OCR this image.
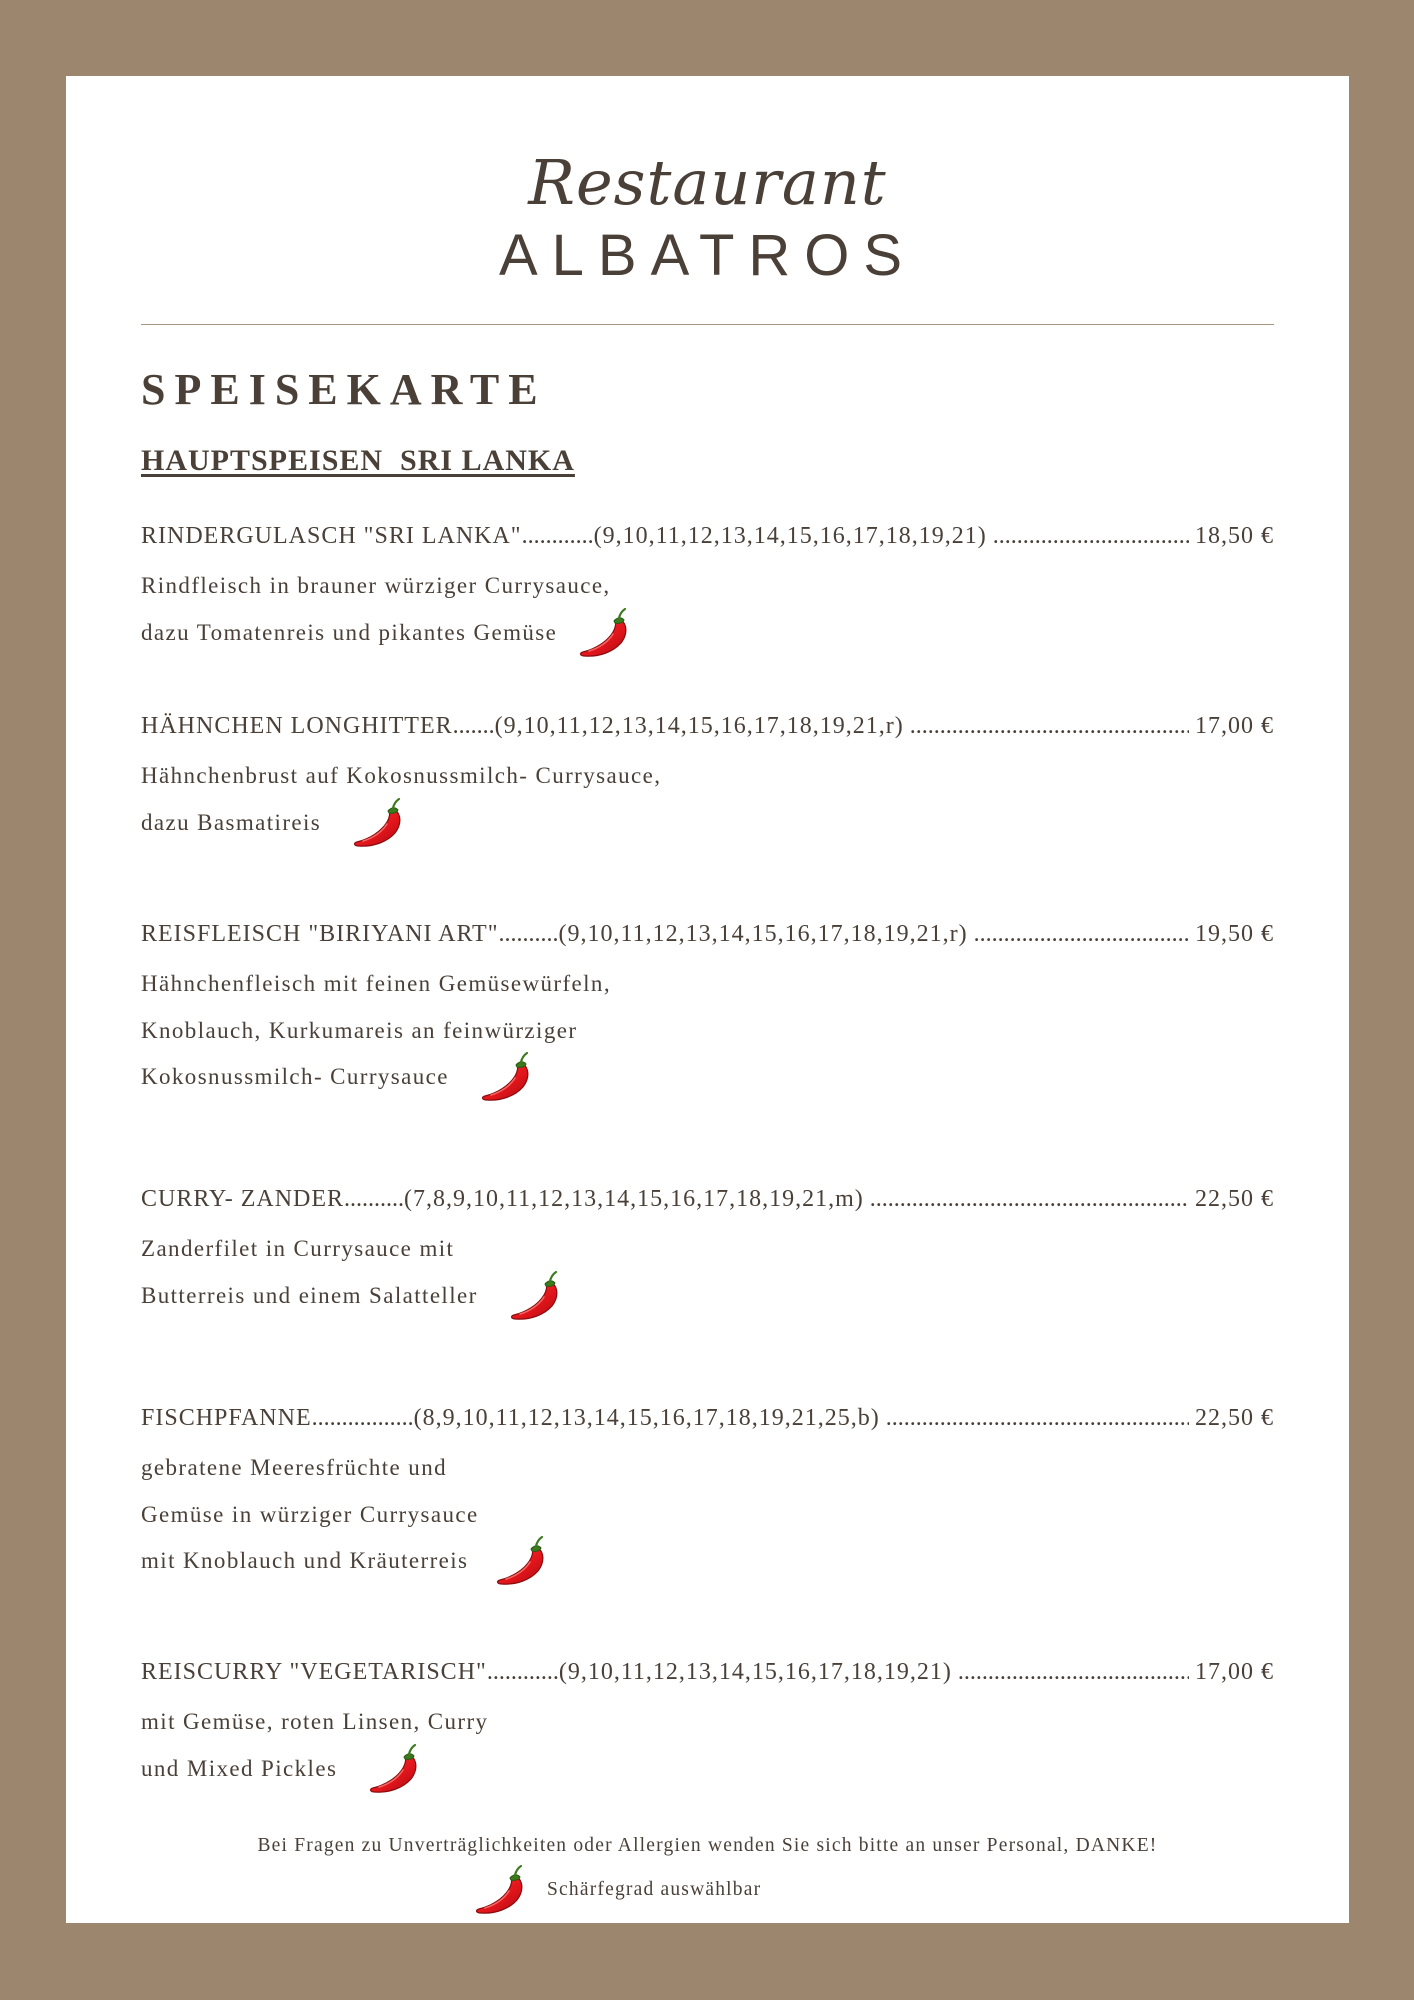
Restaurant
ALBATROS
SPEISEKARTE
HAUPTSPEISEN  SRI LANKA
RINDERGULASCH "SRI LANKA" ............ (9,10,11,12,13,14,15,16,17,18,19,21) .....	18,50 €
Rindfleisch in brauner würziger Currysauce,
dazu Tomatenreis und pikantes Gemüse
HÄHNCHEN LONGHITTER ....... (9,10,11,12,13,14,15,16,17,18,19,21,r) .....	17,00 €
Hähnchenbrust auf Kokosnussmilch- Currysauce,
dazu Basmatireis
REISFLEISCH "BIRIYANI ART" .......... (9,10,11,12,13,14,15,16,17,18,19,21,r) .....	19,50 €
Hähnchenfleisch mit feinen Gemüsewürfeln,
Knoblauch, Kurkumareis an feinwürziger
Kokosnussmilch- Currysauce
CURRY- ZANDER .......... (7,8,9,10,11,12,13,14,15,16,17,18,19,21,m) .....	22,50 €
Zanderfilet in Currysauce mit
Butterreis und einem Salatteller
FISCHPFANNE ................. (8,9,10,11,12,13,14,15,16,17,18,19,21,25,b) .....	22,50 €
gebratene Meeresfrüchte und
Gemüse in würziger Currysauce
mit Knoblauch und Kräuterreis
REISCURRY "VEGETARISCH" ............ (9,10,11,12,13,14,15,16,17,18,19,21) .....	17,00 €
mit Gemüse, roten Linsen, Curry
und Mixed Pickles
Bei Fragen zu Unverträglichkeiten oder Allergien wenden Sie sich bitte an unser Personal, DANKE!
Schärfegrad auswählbar
